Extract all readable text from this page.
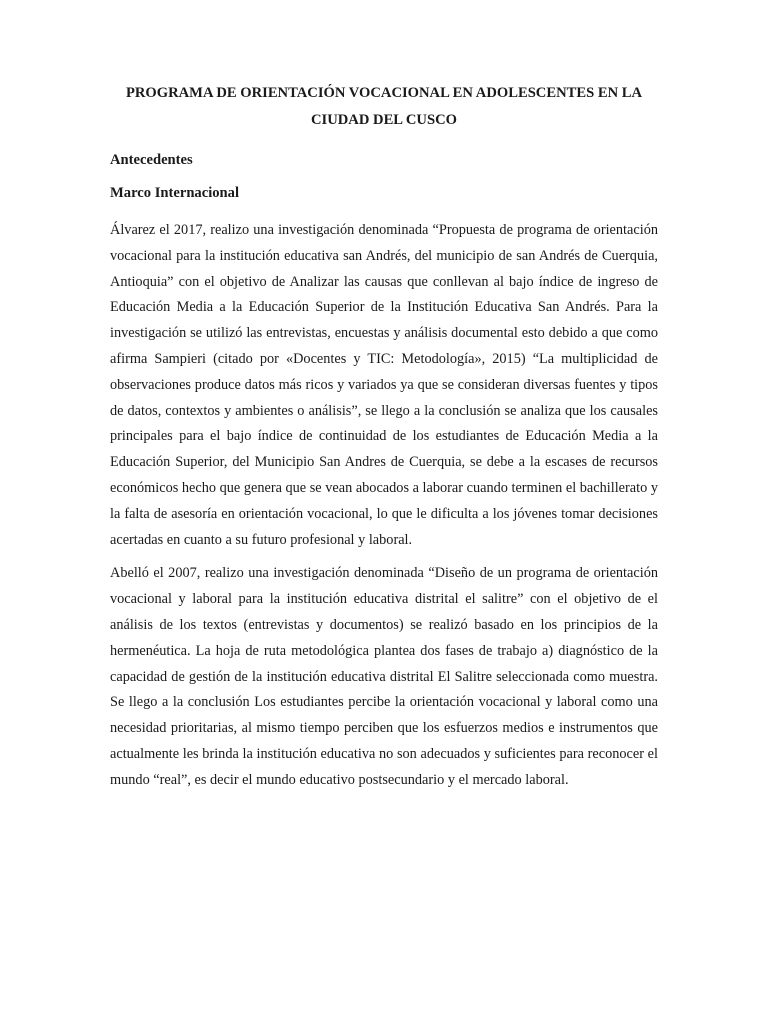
PROGRAMA DE ORIENTACIÓN VOCACIONAL EN ADOLESCENTES EN LA CIUDAD DEL CUSCO
Antecedentes
Marco Internacional

Álvarez el 2017, realizo una investigación denominada “Propuesta de programa de orientación vocacional para la institución educativa san Andrés, del municipio de san Andrés de Cuerquia, Antioquia” con el objetivo de Analizar las causas que conllevan al bajo índice de ingreso de Educación Media a la Educación Superior de la Institución Educativa San Andrés. Para la investigación se utilizó las entrevistas, encuestas y análisis documental esto debido a que como afirma Sampieri (citado por «Docentes y TIC: Metodología», 2015) “La multiplicidad de observaciones produce datos más ricos y variados ya que se consideran diversas fuentes y tipos de datos, contextos y ambientes o análisis”, se llego a la conclusión se analiza que los causales principales para el bajo índice de continuidad de los estudiantes de Educación Media a la Educación Superior, del Municipio San Andres de Cuerquia, se debe a la escases de recursos económicos hecho que genera que se vean abocados a laborar cuando terminen el bachillerato y la falta de asesoría en orientación vocacional, lo que le dificulta a los jóvenes tomar decisiones acertadas en cuanto a su futuro profesional y laboral.

Abelló el 2007, realizo una investigación denominada “Diseño de un programa de orientación vocacional y laboral para la institución educativa distrital el salitre” con el objetivo de el análisis de los textos (entrevistas y documentos) se realizó basado en los principios de la hermenéutica. La hoja de ruta metodológica plantea dos fases de trabajo a) diagnóstico de la capacidad de gestión de la institución educativa distrital El Salitre seleccionada como muestra. Se llego a la conclusión Los estudiantes percibe la orientación vocacional y laboral como una necesidad prioritarias, al mismo tiempo perciben que los esfuerzos medios e instrumentos que actualmente les brinda la institución educativa no son adecuados y suficientes para reconocer el mundo “real”, es decir el mundo educativo postsecundario y el mercado laboral.
